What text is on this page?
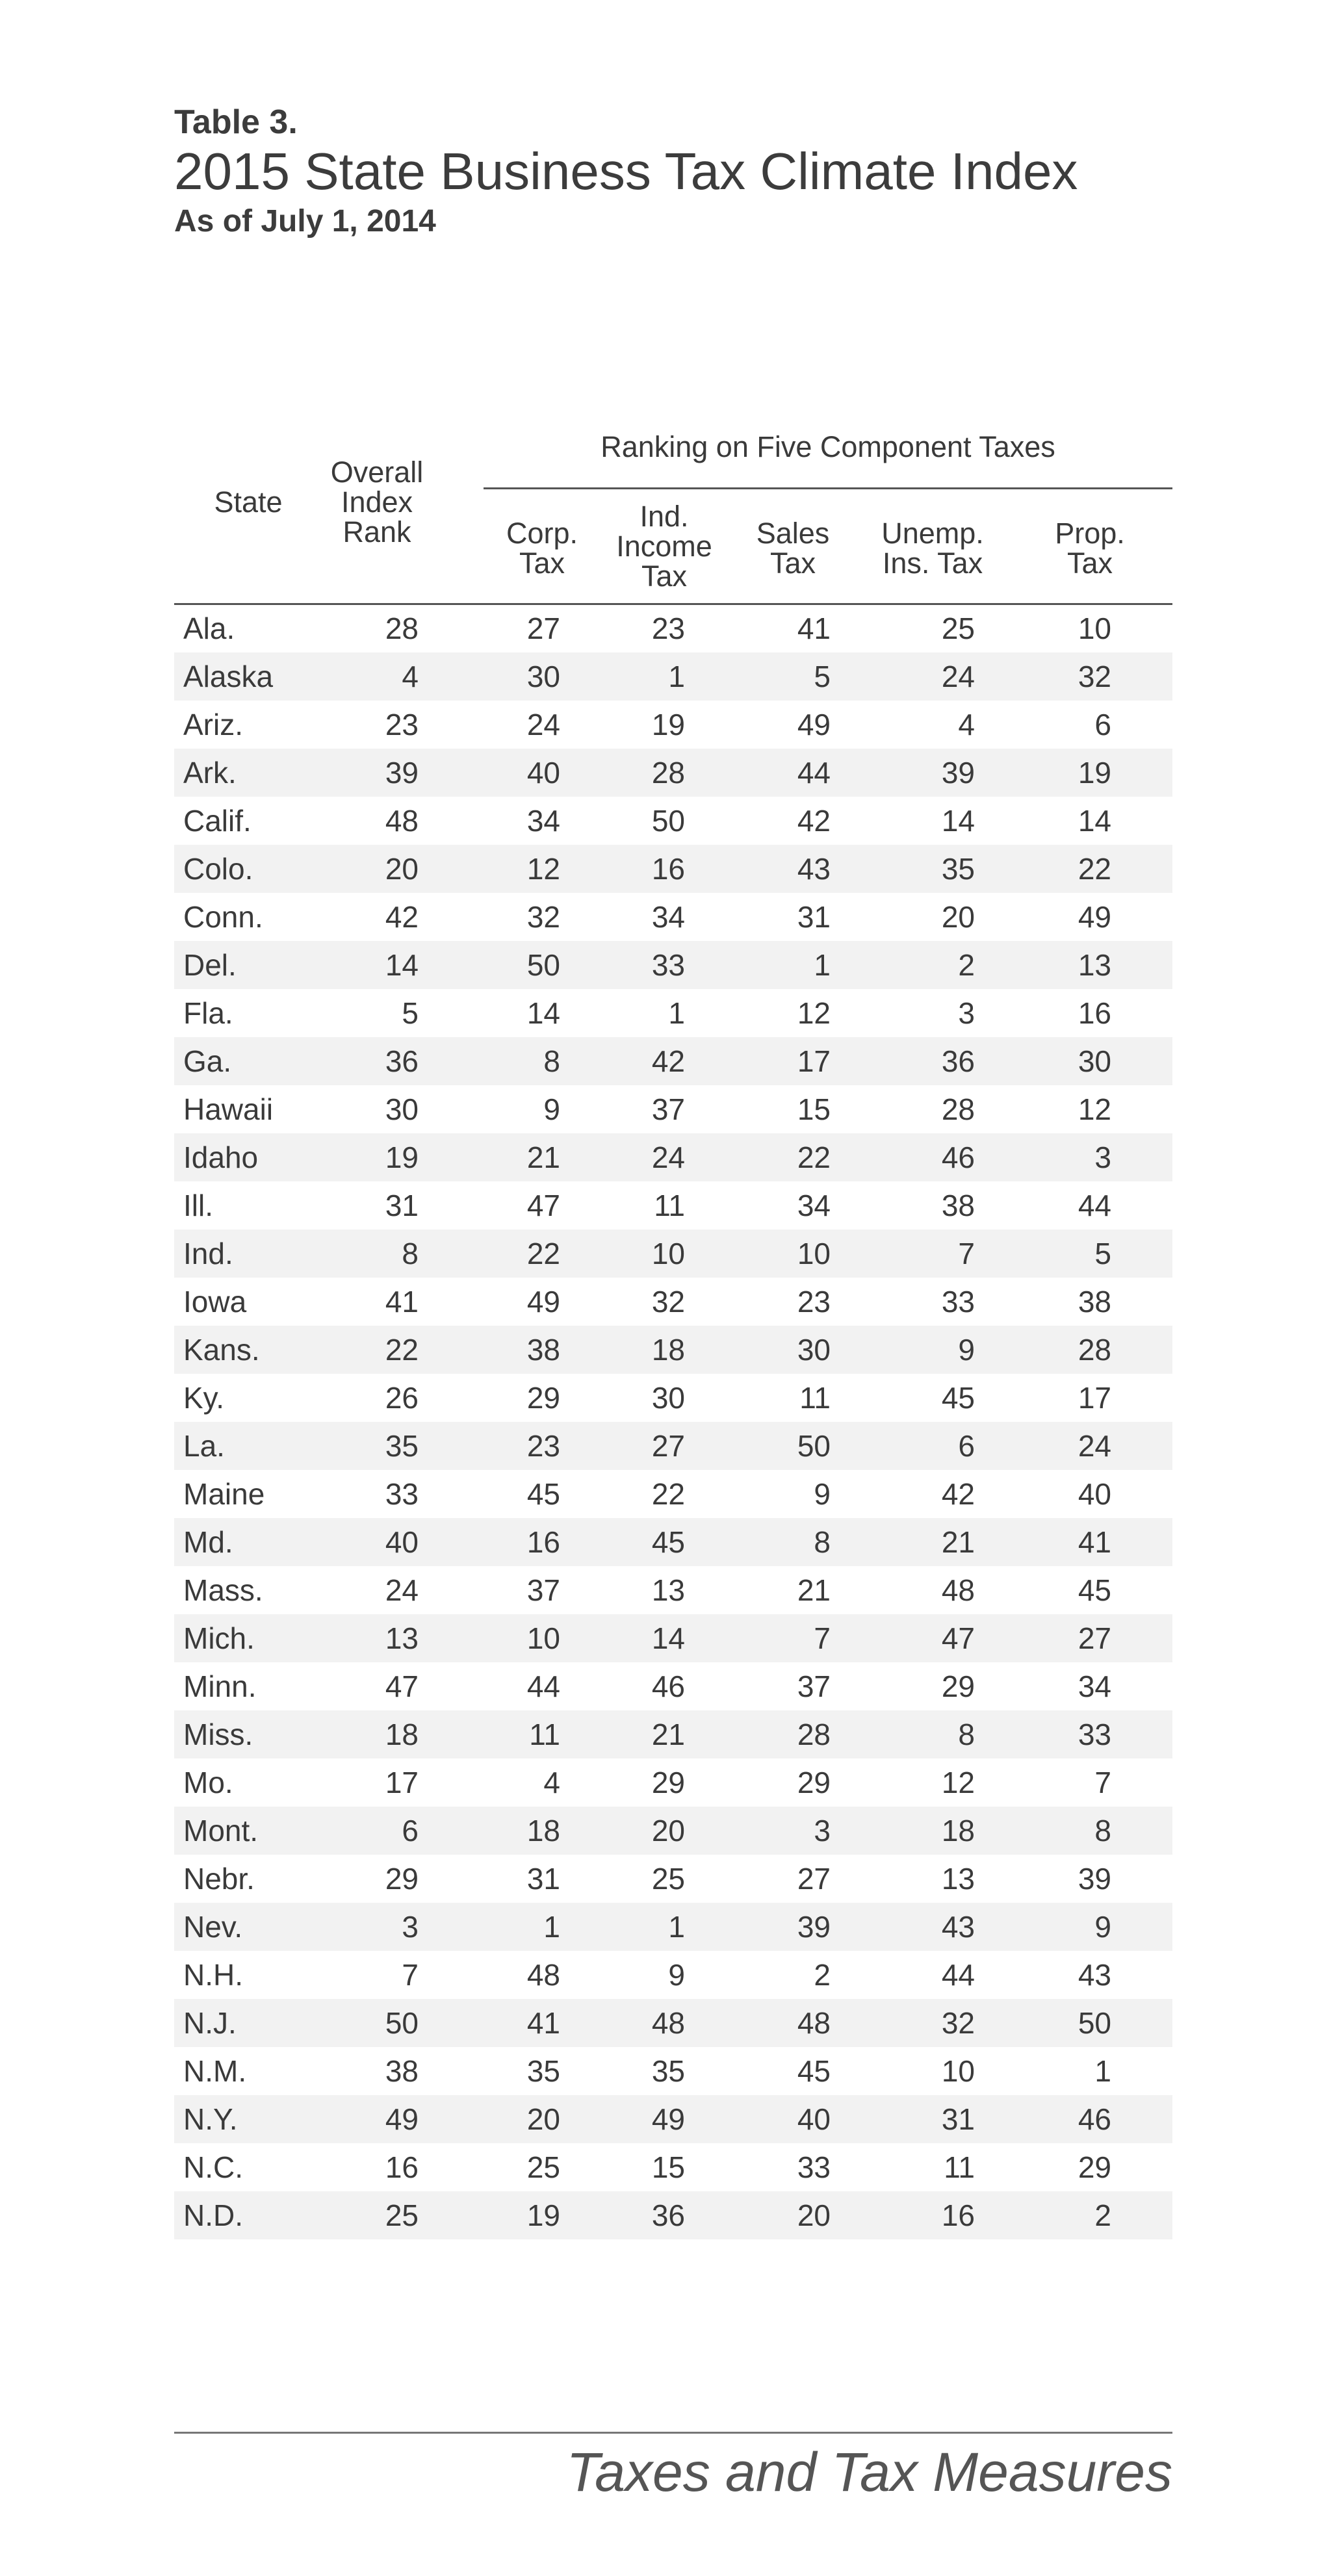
Table 3.
2015 State Business Tax Climate Index
As of July 1, 2014
State
Overall
Index
Rank
Ranking on Five Component Taxes
Corp.
Tax
Ind.
Income
Tax
Sales
Tax
Unemp.
Ins. Tax
Prop.
Tax
Ala.	28	27	23	41	25	10
Alaska	4	30	1	5	24	32
Ariz.	23	24	19	49	4	6
Ark.	39	40	28	44	39	19
Calif.	48	34	50	42	14	14
Colo.	20	12	16	43	35	22
Conn.	42	32	34	31	20	49
Del.	14	50	33	1	2	13
Fla.	5	14	1	12	3	16
Ga.	36	8	42	17	36	30
Hawaii	30	9	37	15	28	12
Idaho	19	21	24	22	46	3
Ill.	31	47	11	34	38	44
Ind.	8	22	10	10	7	5
Iowa	41	49	32	23	33	38
Kans.	22	38	18	30	9	28
Ky.	26	29	30	11	45	17
La.	35	23	27	50	6	24
Maine	33	45	22	9	42	40
Md.	40	16	45	8	21	41
Mass.	24	37	13	21	48	45
Mich.	13	10	14	7	47	27
Minn.	47	44	46	37	29	34
Miss.	18	11	21	28	8	33
Mo.	17	4	29	29	12	7
Mont.	6	18	20	3	18	8
Nebr.	29	31	25	27	13	39
Nev.	3	1	1	39	43	9
N.H.	7	48	9	2	44	43
N.J.	50	41	48	48	32	50
N.M.	38	35	35	45	10	1
N.Y.	49	20	49	40	31	46
N.C.	16	25	15	33	11	29
N.D.	25	19	36	20	16	2
Taxes and Tax Measures
